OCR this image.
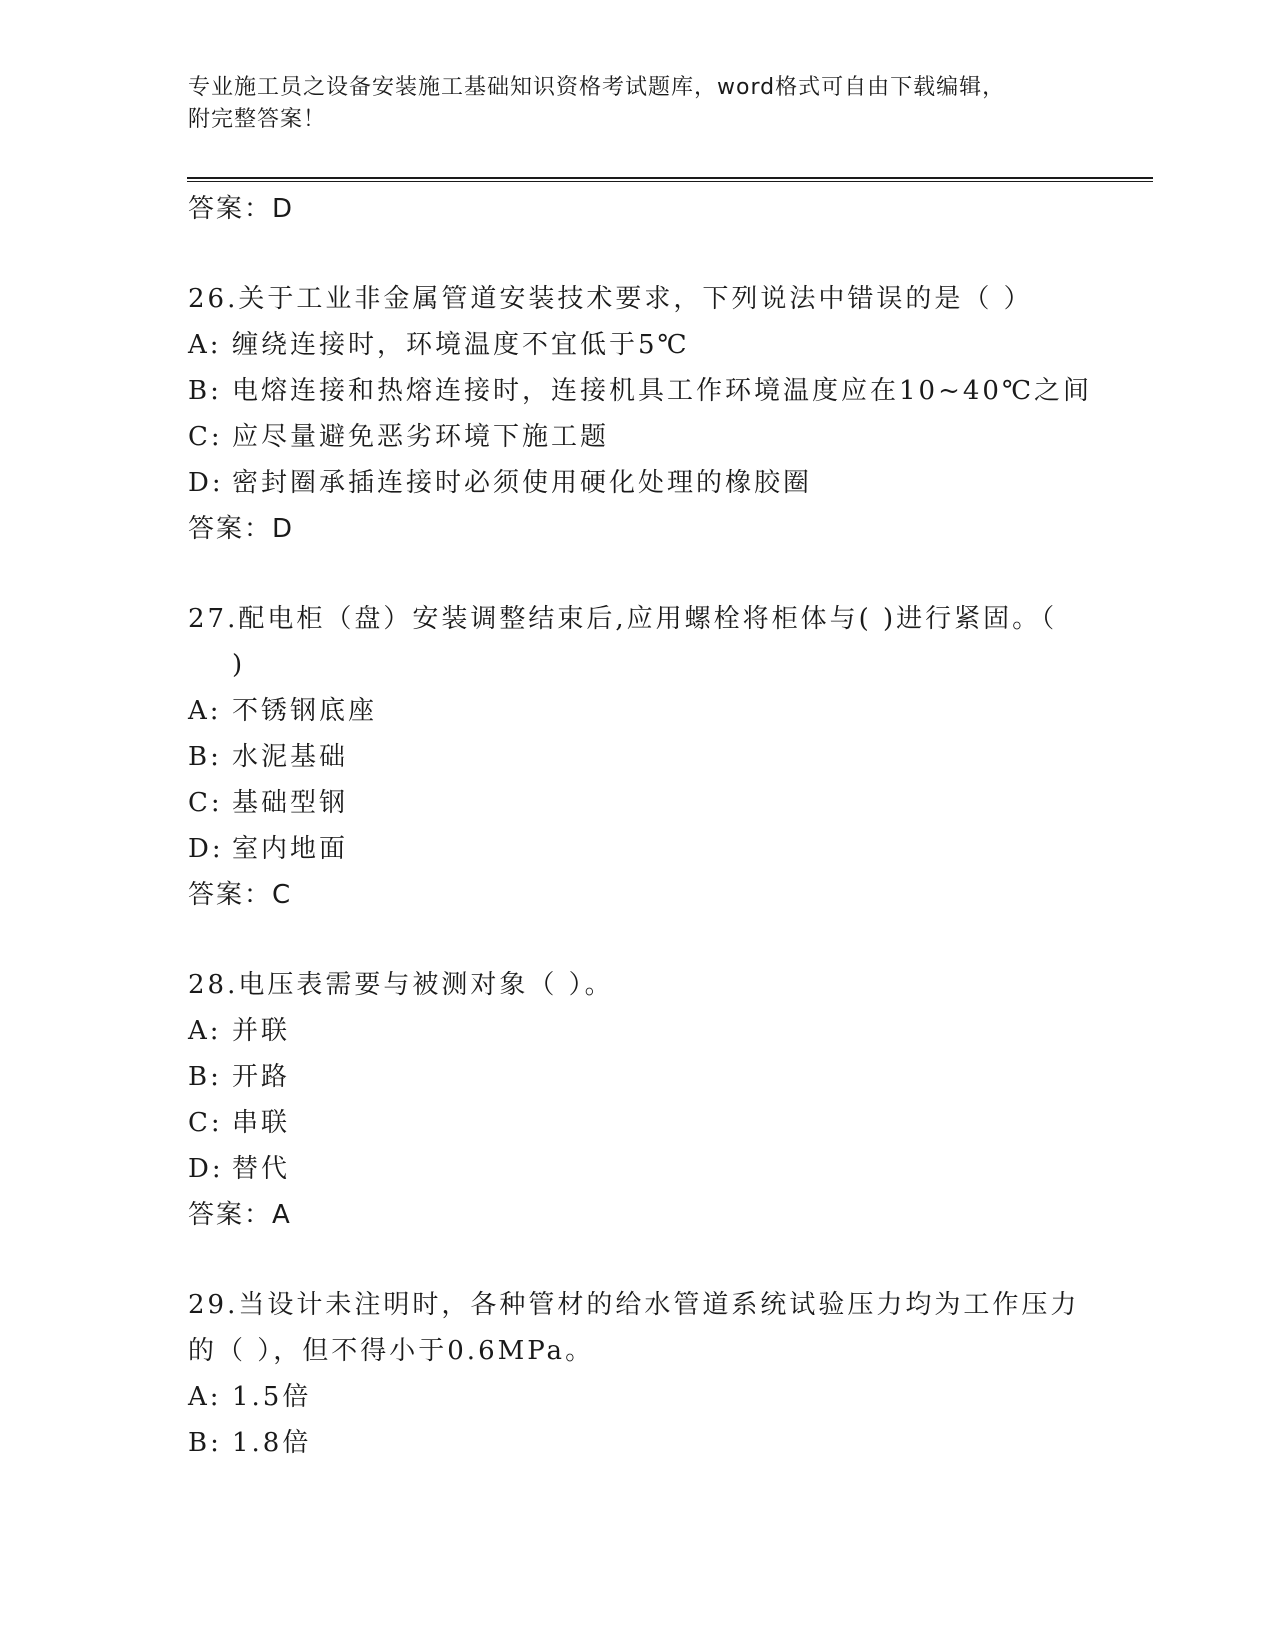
专业施工员之设备安装施工基础知识资格考试题库，word格式可自由下载编辑，
附完整答案！
答案：D
26.关于工业非金属管道安装技术要求，下列说法中错误的是（ ）
A: 缠绕连接时，环境温度不宜低于5℃
B: 电熔连接和热熔连接时，连接机具工作环境温度应在10~40℃之间
C: 应尽量避免恶劣环境下施工题
D: 密封圈承插连接时必须使用硬化处理的橡胶圈
答案：D
27.配电柜（盘）安装调整结束后,应用螺栓将柜体与( )进行紧固。（
)
A: 不锈钢底座
B: 水泥基础
C: 基础型钢
D: 室内地面
答案：C
28.电压表需要与被测对象（ ）。
A: 并联
B: 开路
C: 串联
D: 替代
答案：A
29.当设计未注明时，各种管材的给水管道系统试验压力均为工作压力
的（ ），但不得小于0.6MPa。
A: 1.5倍
B: 1.8倍
